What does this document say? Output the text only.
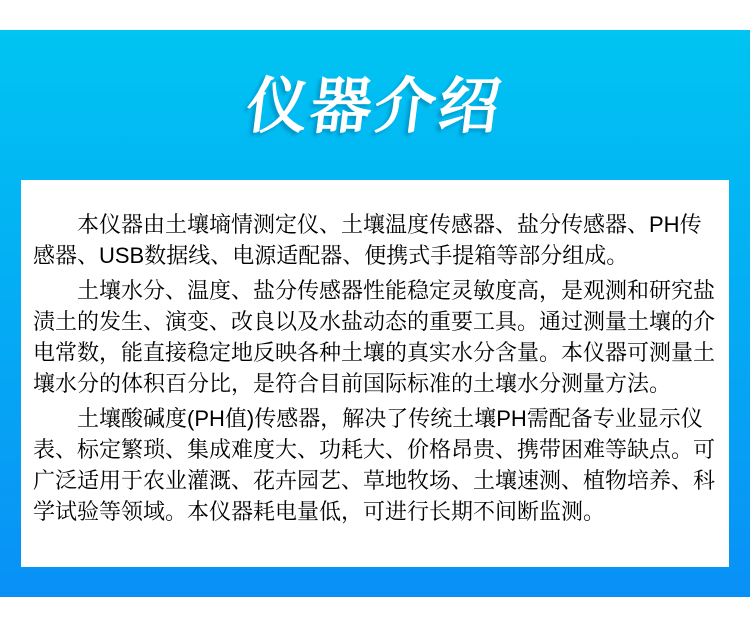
仪器介绍

本仪器由土壤墒情测定仪、土壤温度传感器、盐分传感器、PH传感器、USB数据线、电源适配器、便携式手提箱等部分组成。

土壤水分、温度、盐分传感器性能稳定灵敏度高，是观测和研究盐渍土的发生、演变、改良以及水盐动态的重要工具。通过测量土壤的介电常数，能直接稳定地反映各种土壤的真实水分含量。本仪器可测量土壤水分的体积百分比，是符合目前国际标准的土壤水分测量方法。

土壤酸碱度(PH值)传感器，解决了传统土壤PH需配备专业显示仪表、标定繁琐、集成难度大、功耗大、价格昂贵、携带困难等缺点。可广泛适用于农业灌溉、花卉园艺、草地牧场、土壤速测、植物培养、科学试验等领域。本仪器耗电量低，可进行长期不间断监测。
